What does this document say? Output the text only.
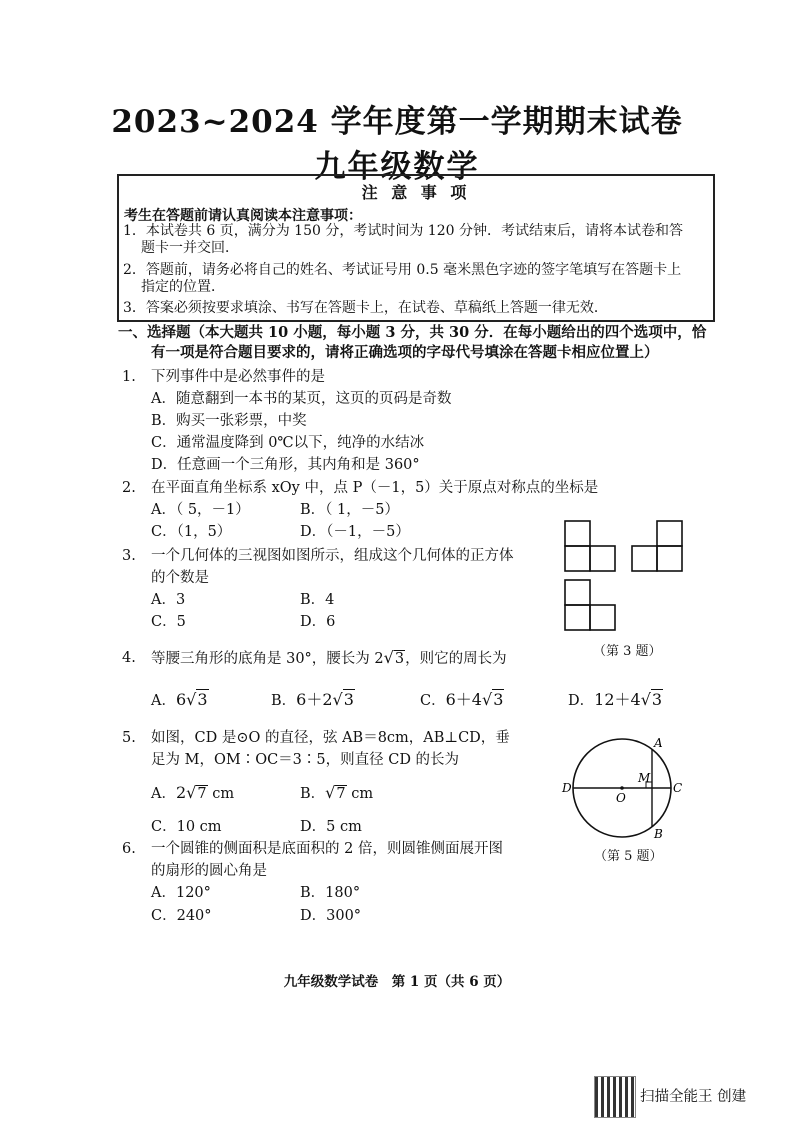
2023~2024 学年度第一学期期末试卷
九年级数学
注 意 事 项
考生在答题前请认真阅读本注意事项：
1．本试卷共 6 页，满分为 150 分，考试时间为 120 分钟．考试结束后，请将本试卷和答
题卡一并交回．
2．答题前，请务必将自己的姓名、考试证号用 0.5 毫米黑色字迹的签字笔填写在答题卡上
指定的位置．
3．答案必须按要求填涂、书写在答题卡上，在试卷、草稿纸上答题一律无效．
一、选择题（本大题共 10 小题，每小题 3 分，共 30 分．在每小题给出的四个选项中，恰
有一项是符合题目要求的，请将正确选项的字母代号填涂在答题卡相应位置上）
1. 下列事件中是必然事件的是
A．随意翻到一本书的某页，这页的页码是奇数
B．购买一张彩票，中奖
C．通常温度降到 0℃以下，纯净的水结冰
D．任意画一个三角形，其内角和是 360°
2. 在平面直角坐标系 xOy 中，点 P（－1，5）关于原点对称点的坐标是
A．（ 5，－1）	B．（ 1，－5）
C．（1，5）	D．（－1，－5）
3. 一个几何体的三视图如图所示，组成这个几何体的正方体
的个数是
A．3	B．4
C．5	D．6
（第 3 题）
4. 等腰三角形的底角是 30°，腰长为 2√3，则它的周长为
A．6√3	B．6＋2√3	C．6＋4√3	D．12＋4√3
5. 如图，CD 是⊙O 的直径，弦 AB＝8cm，AB⊥CD，垂
足为 M，OM∶OC＝3∶5，则直径 CD 的长为
A．2√7 cm	B．√7 cm
C．10 cm	D．5 cm
A
B
C
D
M
O
（第 5 题）
6. 一个圆锥的侧面积是底面积的 2 倍，则圆锥侧面展开图
的扇形的圆心角是
A．120°	B．180°
C．240°	D．300°
九年级数学试卷　第 1 页（共 6 页）
扫描全能王 创建
